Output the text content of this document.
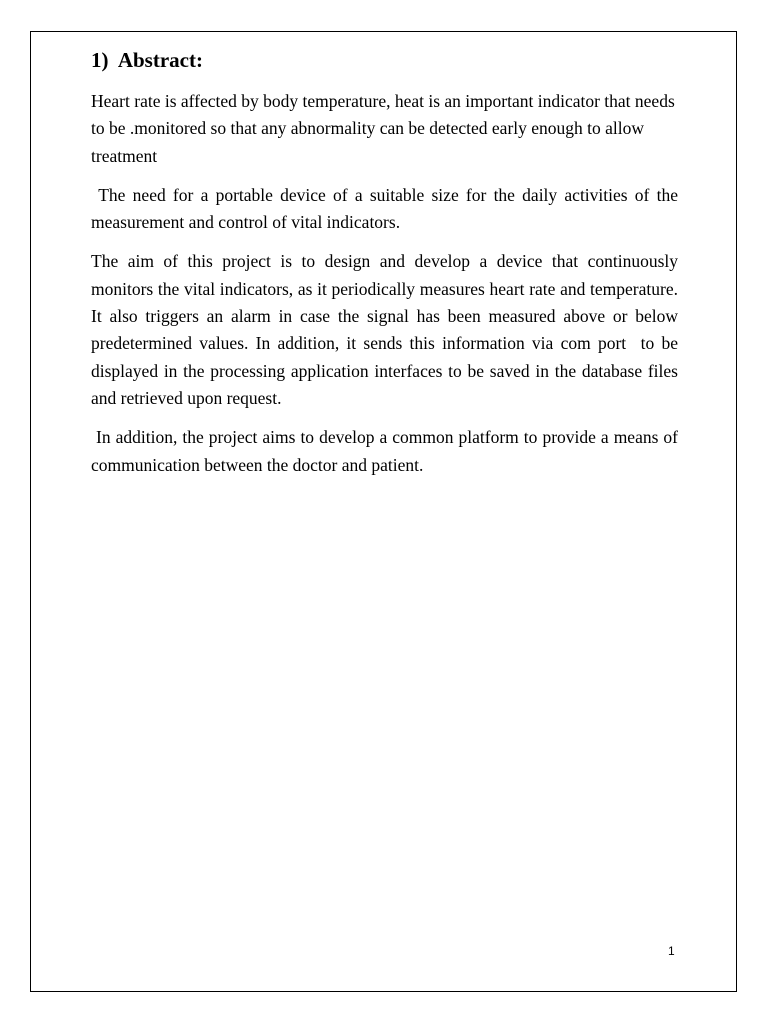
1)  Abstract:

Heart rate is affected by body temperature, heat is an important indicator that needs to be .monitored so that any abnormality can be detected early enough to allow treatment

The need for a portable device of a suitable size for the daily activities of the measurement and control of vital indicators.

The aim of this project is to design and develop a device that continuously monitors the vital indicators, as it periodically measures heart rate and temperature. It also triggers an alarm in case the signal has been measured above or below predetermined values. In addition, it sends this information via com port  to be displayed in the processing application interfaces to be saved in the database files and retrieved upon request.

In addition, the project aims to develop a common platform to provide a means of communication between the doctor and patient.

1
